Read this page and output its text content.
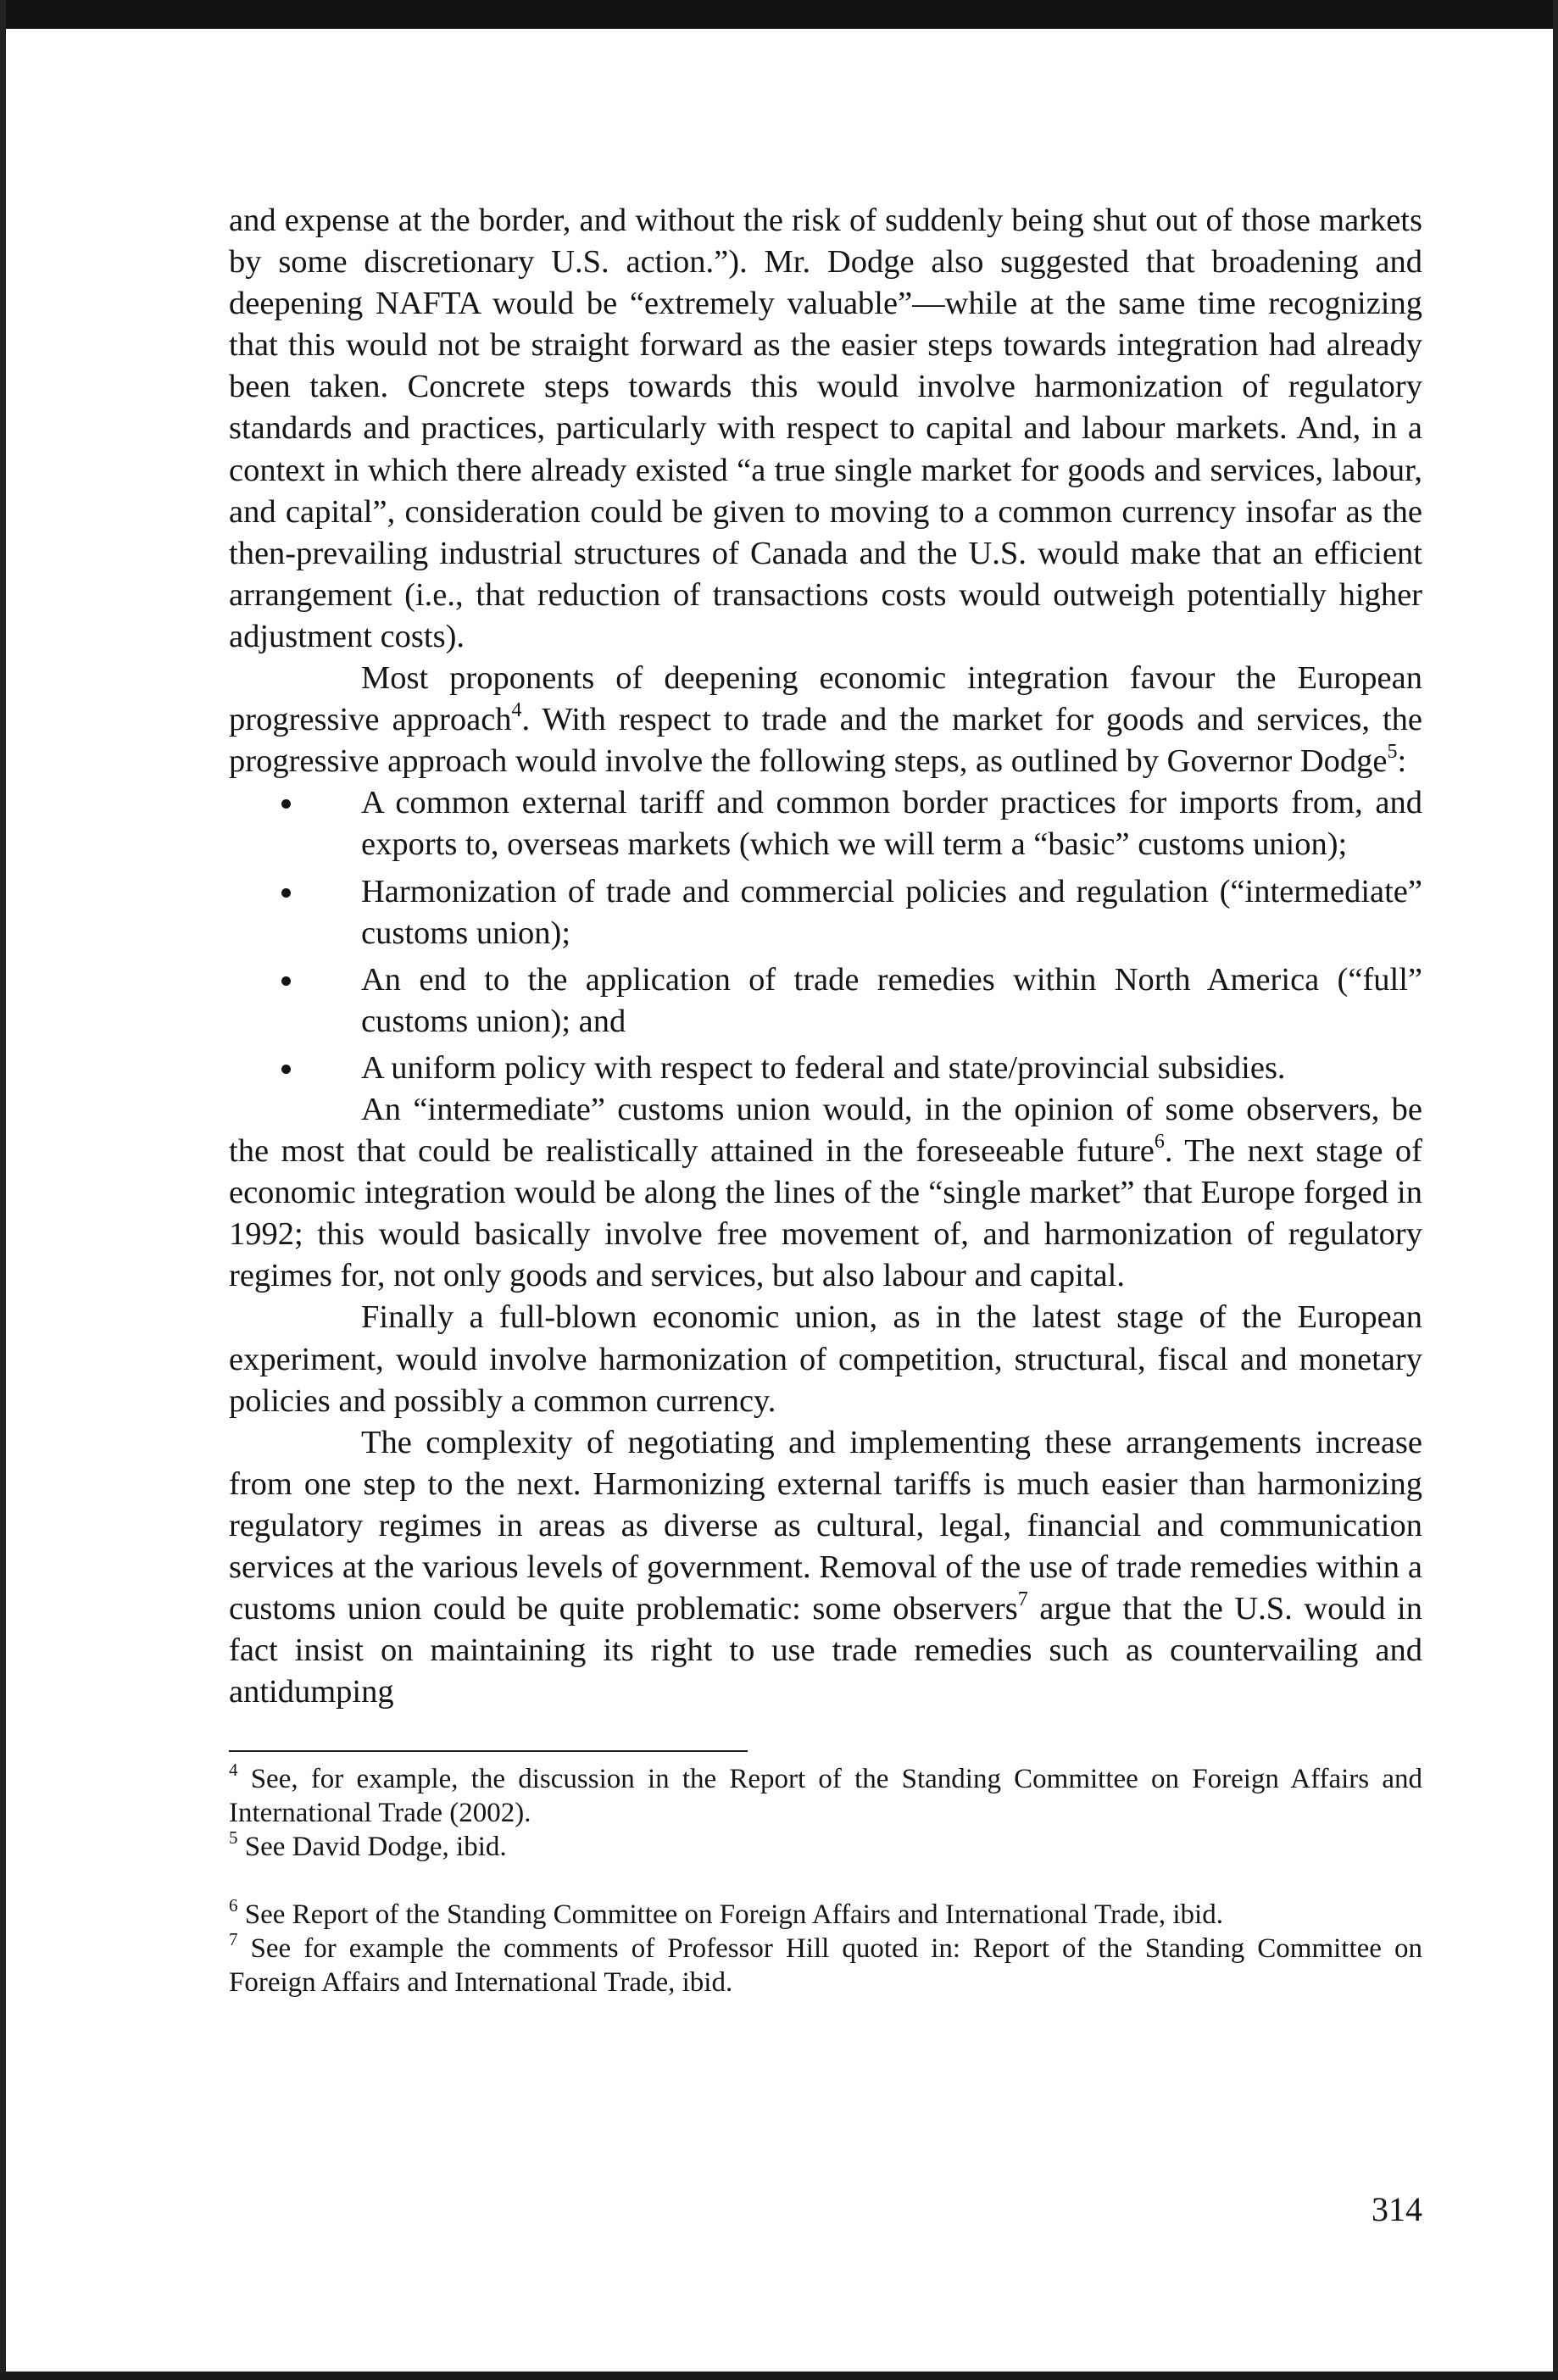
and expense at the border, and without the risk of suddenly being shut out of those markets by some discretionary U.S. action.”). Mr. Dodge also suggested that broadening and deepening NAFTA would be “extremely valuable”—while at the same time recognizing that this would not be straight forward as the easier steps towards integration had already been taken. Concrete steps towards this would involve harmonization of regulatory standards and practices, particularly with respect to capital and labour markets. And, in a context in which there already existed “a true single market for goods and services, labour, and capital”, consideration could be given to moving to a common currency insofar as the then-prevailing industrial structures of Canada and the U.S. would make that an efficient arrangement (i.e., that reduction of transactions costs would outweigh potentially higher adjustment costs).

Most proponents of deepening economic integration favour the European progressive approach$^4$. With respect to trade and the market for goods and services, the progressive approach would involve the following steps, as outlined by Governor Dodge$^5$:

A common external tariff and common border practices for imports from, and exports to, overseas markets (which we will term a “basic” customs union);
Harmonization of trade and commercial policies and regulation (“intermediate” customs union);
An end to the application of trade remedies within North America (“full” customs union); and
A uniform policy with respect to federal and state/provincial subsidies.

An “intermediate” customs union would, in the opinion of some observers, be the most that could be realistically attained in the foreseeable future$^6$. The next stage of economic integration would be along the lines of the “single market” that Europe forged in 1992; this would basically involve free movement of, and harmonization of regulatory regimes for, not only goods and services, but also labour and capital.

Finally a full-blown economic union, as in the latest stage of the European experiment, would involve harmonization of competition, structural, fiscal and monetary policies and possibly a common currency.

The complexity of negotiating and implementing these arrangements increase from one step to the next. Harmonizing external tariffs is much easier than harmonizing regulatory regimes in areas as diverse as cultural, legal, financial and communication services at the various levels of government. Removal of the use of trade remedies within a customs union could be quite problematic: some observers$^7$ argue that the U.S. would in fact insist on maintaining its right to use trade remedies such as countervailing and antidumping

$^4$ See, for example, the discussion in the Report of the Standing Committee on Foreign Affairs and International Trade (2002).

$^5$ See David Dodge, ibid.

$^6$ See Report of the Standing Committee on Foreign Affairs and International Trade, ibid.

$^7$ See for example the comments of Professor Hill quoted in: Report of the Standing Committee on Foreign Affairs and International Trade, ibid.

314
